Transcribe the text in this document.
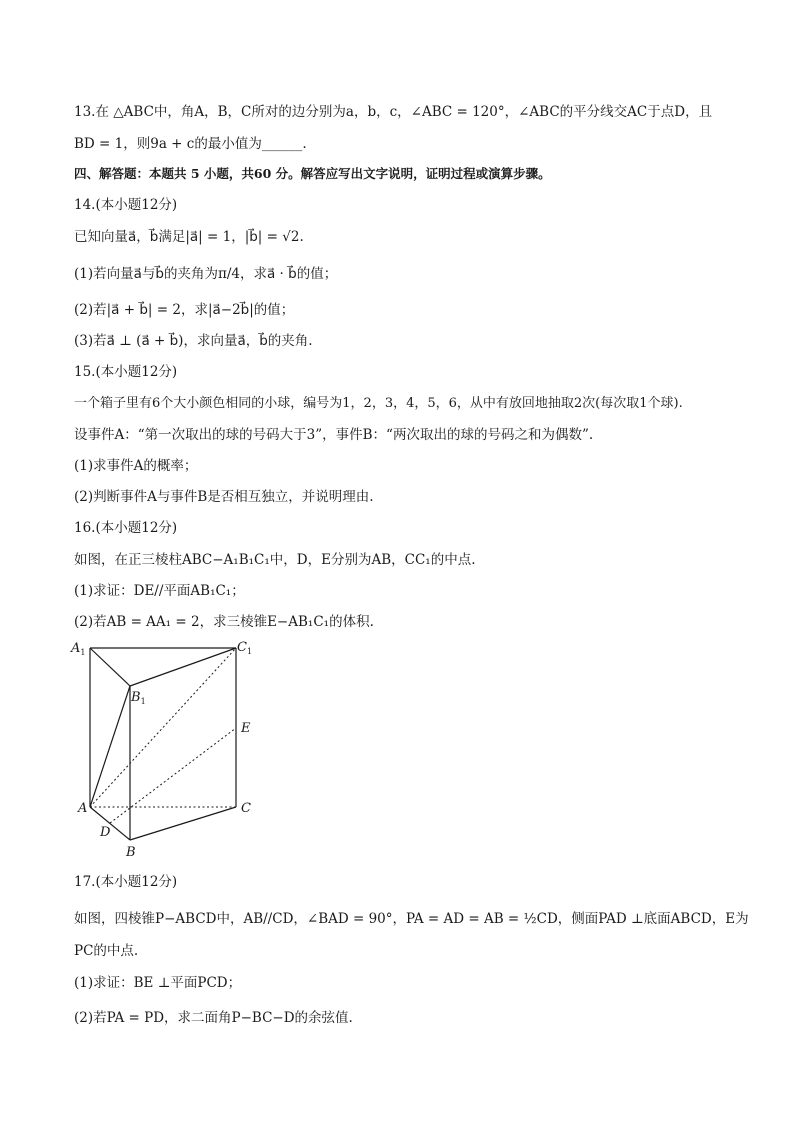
13.在 △ABC中，角A，B，C所对的边分别为a，b，c，∠ABC = 120°，∠ABC的平分线交AC于点D，且
BD = 1，则9a + c的最小值为______.
四、解答题：本题共 5 小题，共60 分。解答应写出文字说明，证明过程或演算步骤。
14.(本小题12分)
已知向量a⃗，b⃗满足|a⃗| = 1，|b⃗| = √2.
(1)若向量a⃗与b⃗的夹角为π/4，求a⃗ · b⃗的值；
(2)若|a⃗ + b⃗| = 2，求|a⃗−2b⃗|的值；
(3)若a⃗ ⊥ (a⃗ + b⃗)，求向量a⃗，b⃗的夹角.
15.(本小题12分)
一个箱子里有6个大小颜色相同的小球，编号为1，2，3，4，5，6，从中有放回地抽取2次(每次取1个球).
设事件A：“第一次取出的球的号码大于3”，事件B：“两次取出的球的号码之和为偶数”.
(1)求事件A的概率；
(2)判断事件A与事件B是否相互独立，并说明理由.
16.(本小题12分)
如图，在正三棱柱ABC−A₁B₁C₁中，D，E分别为AB，CC₁的中点.
(1)求证：DE//平面AB₁C₁；
(2)若AB = AA₁ = 2，求三棱锥E−AB₁C₁的体积.
$A_1$	$C_1$
$B_1$
E
A	C
D
B
17.(本小题12分)
如图，四棱锥P−ABCD中，AB//CD，∠BAD = 90°，PA = AD = AB = ½CD，侧面PAD ⊥底面ABCD，E为
PC的中点.
(1)求证：BE ⊥平面PCD；
(2)若PA = PD，求二面角P−BC−D的余弦值.
